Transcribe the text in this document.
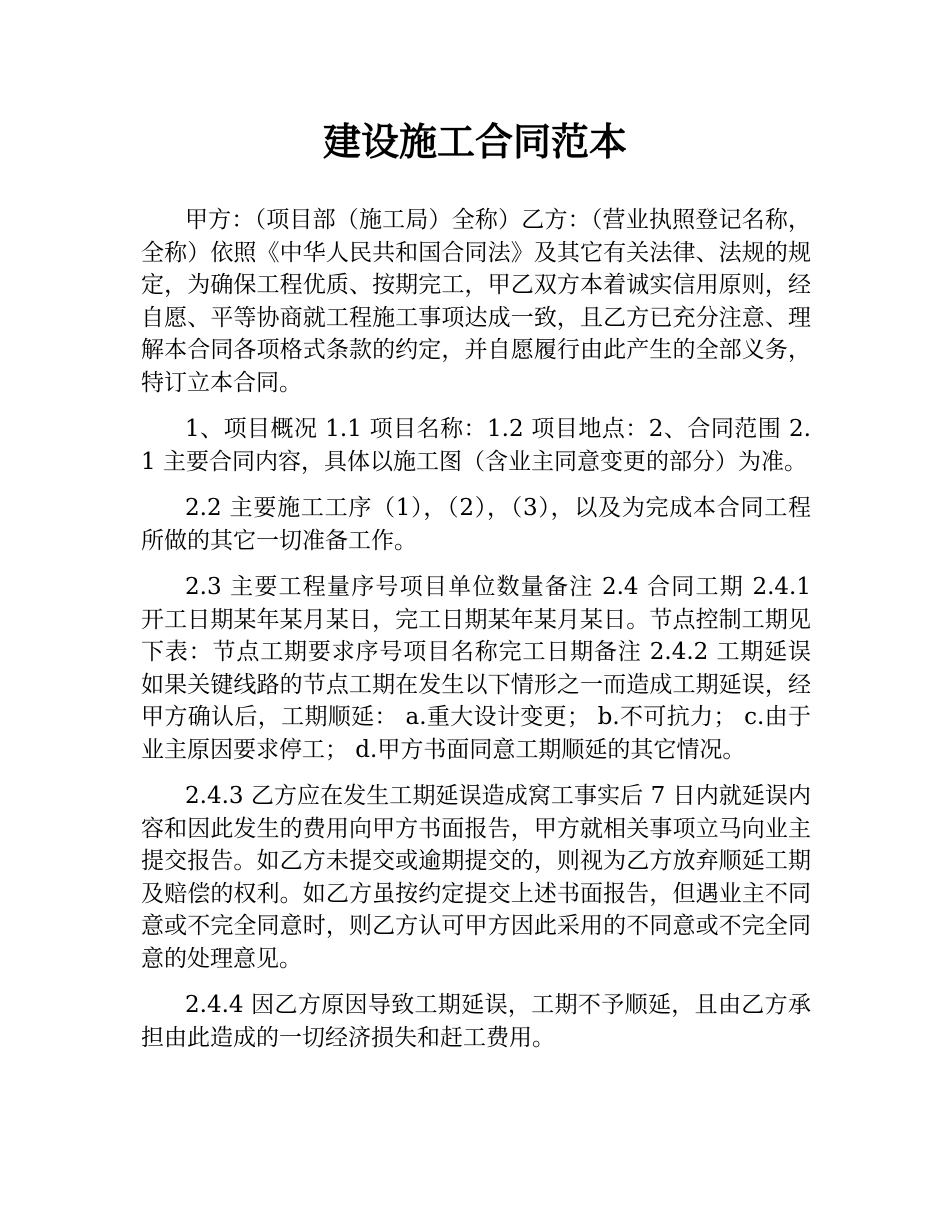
建设施工合同范本

甲方：（项目部（施工局）全称）乙方：（营业执照登记名称，全称）依照《中华人民共和国合同法》及其它有关法律、法规的规定，为确保工程优质、按期完工，甲乙双方本着诚实信用原则，经自愿、平等协商就工程施工事项达成一致，且乙方已充分注意、理解本合同各项格式条款的约定，并自愿履行由此产生的全部义务，特订立本合同。

1、项目概况 1.1 项目名称：1.2 项目地点：2、合同范围 2.1 主要合同内容，具体以施工图（含业主同意变更的部分）为准。

2.2 主要施工工序（1），（2），（3），以及为完成本合同工程所做的其它一切准备工作。

2.3 主要工程量序号项目单位数量备注 2.4 合同工期 2.4.1 开工日期某年某月某日，完工日期某年某月某日。节点控制工期见下表：节点工期要求序号项目名称完工日期备注 2.4.2 工期延误如果关键线路的节点工期在发生以下情形之一而造成工期延误，经甲方确认后，工期顺延： a.重大设计变更； b.不可抗力； c.由于业主原因要求停工； d.甲方书面同意工期顺延的其它情况。

2.4.3 乙方应在发生工期延误造成窝工事实后 7 日内就延误内容和因此发生的费用向甲方书面报告，甲方就相关事项立马向业主提交报告。如乙方未提交或逾期提交的，则视为乙方放弃顺延工期及赔偿的权利。如乙方虽按约定提交上述书面报告，但遇业主不同意或不完全同意时，则乙方认可甲方因此采用的不同意或不完全同意的处理意见。

2.4.4 因乙方原因导致工期延误，工期不予顺延，且由乙方承担由此造成的一切经济损失和赶工费用。
